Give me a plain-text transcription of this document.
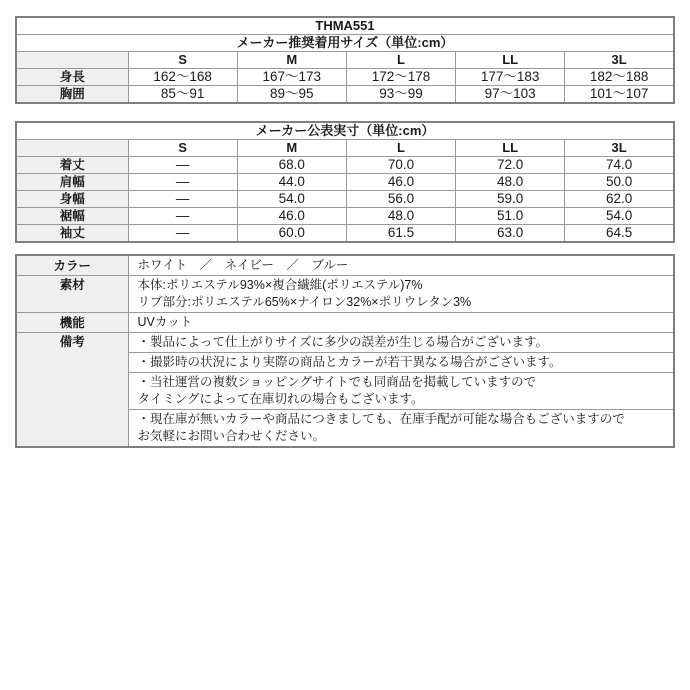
THMA551					
メーカー推奨着用サイズ（単位:cm）					
	S	M	L	LL	3L
身長	162～168	167～173	172～178	177～183	182～188
胸囲	85～91	89～95	93～99	97～103	101～107
メーカー公表実寸（単位:cm）					
	S	M	L	LL	3L
着丈	―	68.0	70.0	72.0	74.0
肩幅	―	44.0	46.0	48.0	50.0
身幅	―	54.0	56.0	59.0	62.0
裾幅	―	46.0	48.0	51.0	54.0
袖丈	―	60.0	61.5	63.0	64.5
カラー	ホワイト　／　ネイビー　／　ブルー
素材	本体:ポリエステル93%×複合繊維(ポリエステル)7%
リブ部分:ポリエステル65%×ナイロン32%×ポリウレタン3%

機能	UVカット
備考	・製品によって仕上がりサイズに多少の誤差が生じる場合がございます。

	・撮影時の状況により実際の商品とカラーが若干異なる場合がございます。

	・当社運営の複数ショッピングサイトでも同商品を掲載していますので
タイミングによって在庫切れの場合もございます。

	・現在庫が無いカラーや商品につきましても、在庫手配が可能な場合もございますので
お気軽にお問い合わせください。
